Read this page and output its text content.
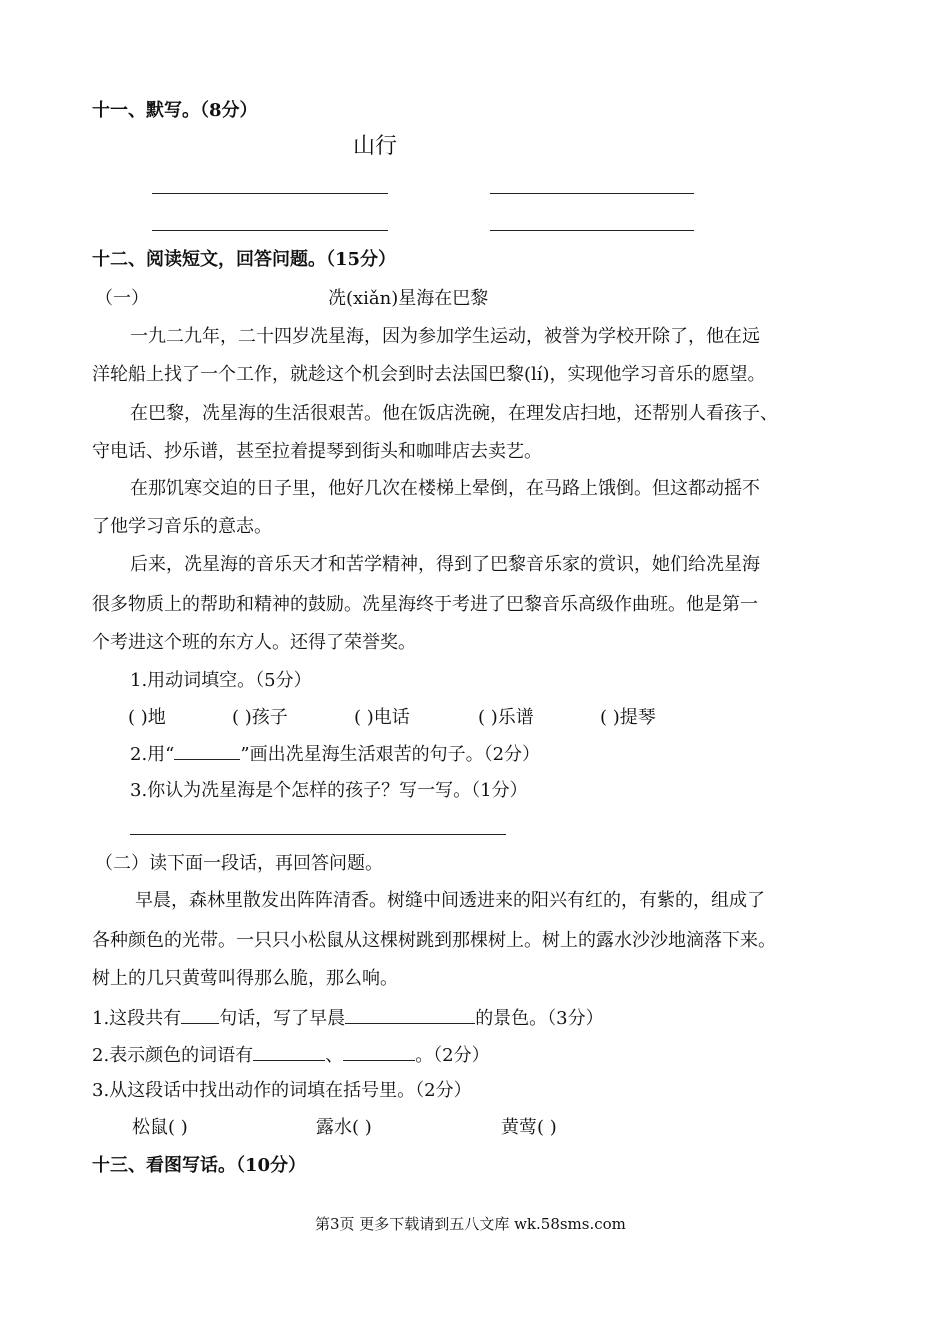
十一、默写。（8分）
山行
十二、阅读短文，回答问题。（15分）
（一）	冼(xiǎn)星海在巴黎
一九二九年，二十四岁冼星海，因为参加学生运动，被誉为学校开除了，他在远
洋轮船上找了一个工作，就趁这个机会到时去法国巴黎(lí)，实现他学习音乐的愿望。
在巴黎，冼星海的生活很艰苦。他在饭店洗碗，在理发店扫地，还帮别人看孩子、
守电话、抄乐谱，甚至拉着提琴到街头和咖啡店去卖艺。
在那饥寒交迫的日子里，他好几次在楼梯上晕倒，在马路上饿倒。但这都动摇不
了他学习音乐的意志。
后来，冼星海的音乐天才和苦学精神，得到了巴黎音乐家的赏识，她们给冼星海
很多物质上的帮助和精神的鼓励。冼星海终于考进了巴黎音乐高级作曲班。他是第一
个考进这个班的东方人。还得了荣誉奖。
1.用动词填空。（5分）
( )地	( )孩子	( )电话	( )乐谱	( )提琴
2.用“	”画出冼星海生活艰苦的句子。（2分）
3.你认为冼星海是个怎样的孩子？写一写。（1分）
（二）读下面一段话，再回答问题。
早晨，森林里散发出阵阵清香。树缝中间透进来的阳兴有红的，有紫的，组成了
各种颜色的光带。一只只小松鼠从这棵树跳到那棵树上。树上的露水沙沙地滴落下来。
树上的几只黄莺叫得那么脆，那么响。
1.这段共有 句话，写了早晨	的景色。（3分）
2.表示颜色的词语有	、	。（2分）
3.从这段话中找出动作的词填在括号里。（2分）
松鼠( )	露水( )	黄莺( )
十三、看图写话。（10分）
第3页 更多下载请到五八文库 wk.58sms.com
